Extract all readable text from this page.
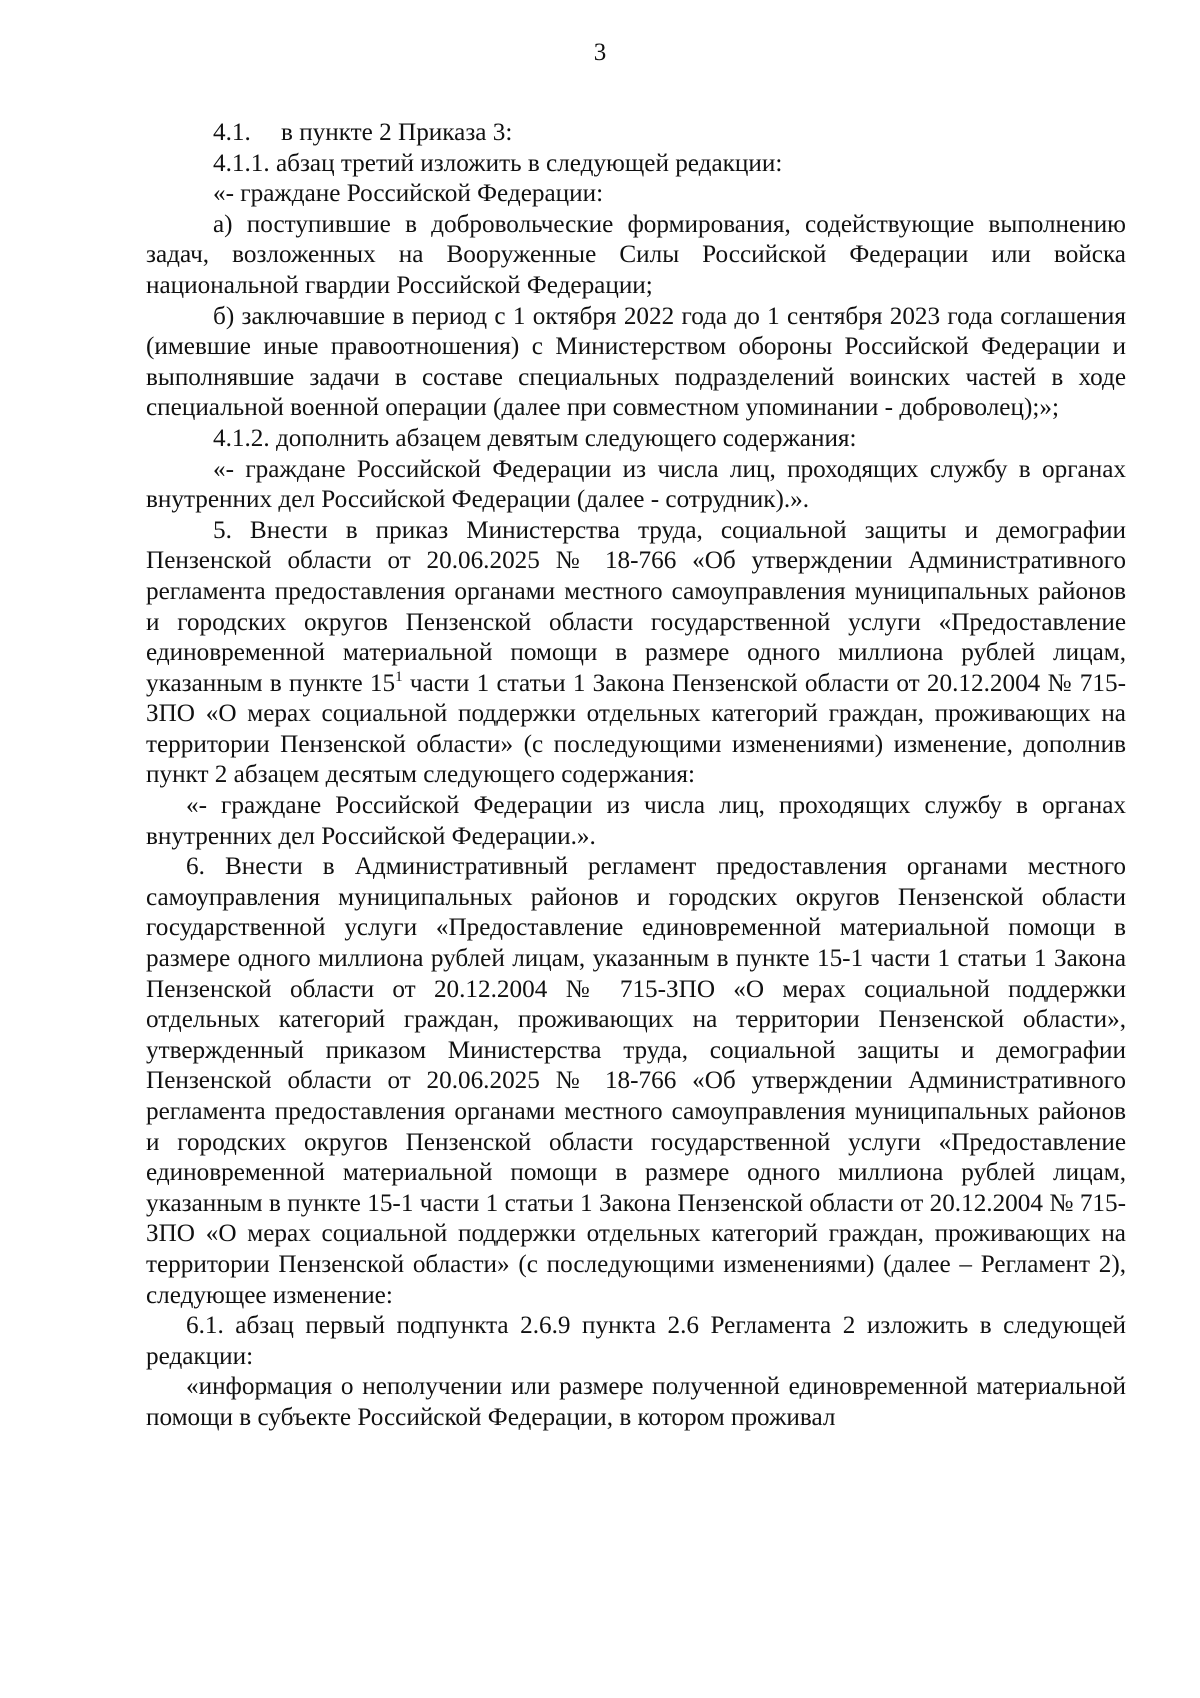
3

4.1. в пункте 2 Приказа 3:

4.1.1. абзац третий изложить в следующей редакции:

«- граждане Российской Федерации:

а) поступившие в добровольческие формирования, содействующие выполнению задач, возложенных на Вооруженные Силы Российской Федерации или войска национальной гвардии Российской Федерации;

б) заключавшие в период с 1 октября 2022 года до 1 сентября 2023 года соглашения (имевшие иные правоотношения) с Министерством обороны Российской Федерации и выполнявшие задачи в составе специальных подразделений воинских частей в ходе специальной военной операции (далее при совместном упоминании - доброволец);»;

4.1.2. дополнить абзацем девятым следующего содержания:

«- граждане Российской Федерации из числа лиц, проходящих службу в органах внутренних дел Российской Федерации (далее - сотрудник).».

5. Внести в приказ Министерства труда, социальной защиты и демографии Пензенской области от 20.06.2025 № 18-766 «Об утверждении Административного регламента предоставления органами местного самоуправления муниципальных районов и городских округов Пензенской области государственной услуги «Предоставление единовременной материальной помощи в размере одного миллиона рублей лицам, указанным в пункте $15^1$ части 1 статьи 1 Закона Пензенской области от 20.12.2004 № 715-ЗПО «О мерах социальной поддержки отдельных категорий граждан, проживающих на территории Пензенской области» (с последующими изменениями) изменение, дополнив пункт 2 абзацем десятым следующего содержания:

«- граждане Российской Федерации из числа лиц, проходящих службу в органах внутренних дел Российской Федерации.».

6. Внести в Административный регламент предоставления органами местного самоуправления муниципальных районов и городских округов Пензенской области государственной услуги «Предоставление единовременной материальной помощи в размере одного миллиона рублей лицам, указанным в пункте 15-1 части 1 статьи 1 Закона Пензенской области от 20.12.2004 № 715-ЗПО «О мерах социальной поддержки отдельных категорий граждан, проживающих на территории Пензенской области», утвержденный приказом Министерства труда, социальной защиты и демографии Пензенской области от 20.06.2025 № 18-766 «Об утверждении Административного регламента предоставления органами местного самоуправления муниципальных районов и городских округов Пензенской области государственной услуги «Предоставление единовременной материальной помощи в размере одного миллиона рублей лицам, указанным в пункте 15-1 части 1 статьи 1 Закона Пензенской области от 20.12.2004 № 715-ЗПО «О мерах социальной поддержки отдельных категорий граждан, проживающих на территории Пензенской области» (с последующими изменениями) (далее – Регламент 2), следующее изменение:

6.1. абзац первый подпункта 2.6.9 пункта 2.6 Регламента 2 изложить в следующей редакции:

«информация о неполучении или размере полученной единовременной материальной помощи в субъекте Российской Федерации, в котором проживал
